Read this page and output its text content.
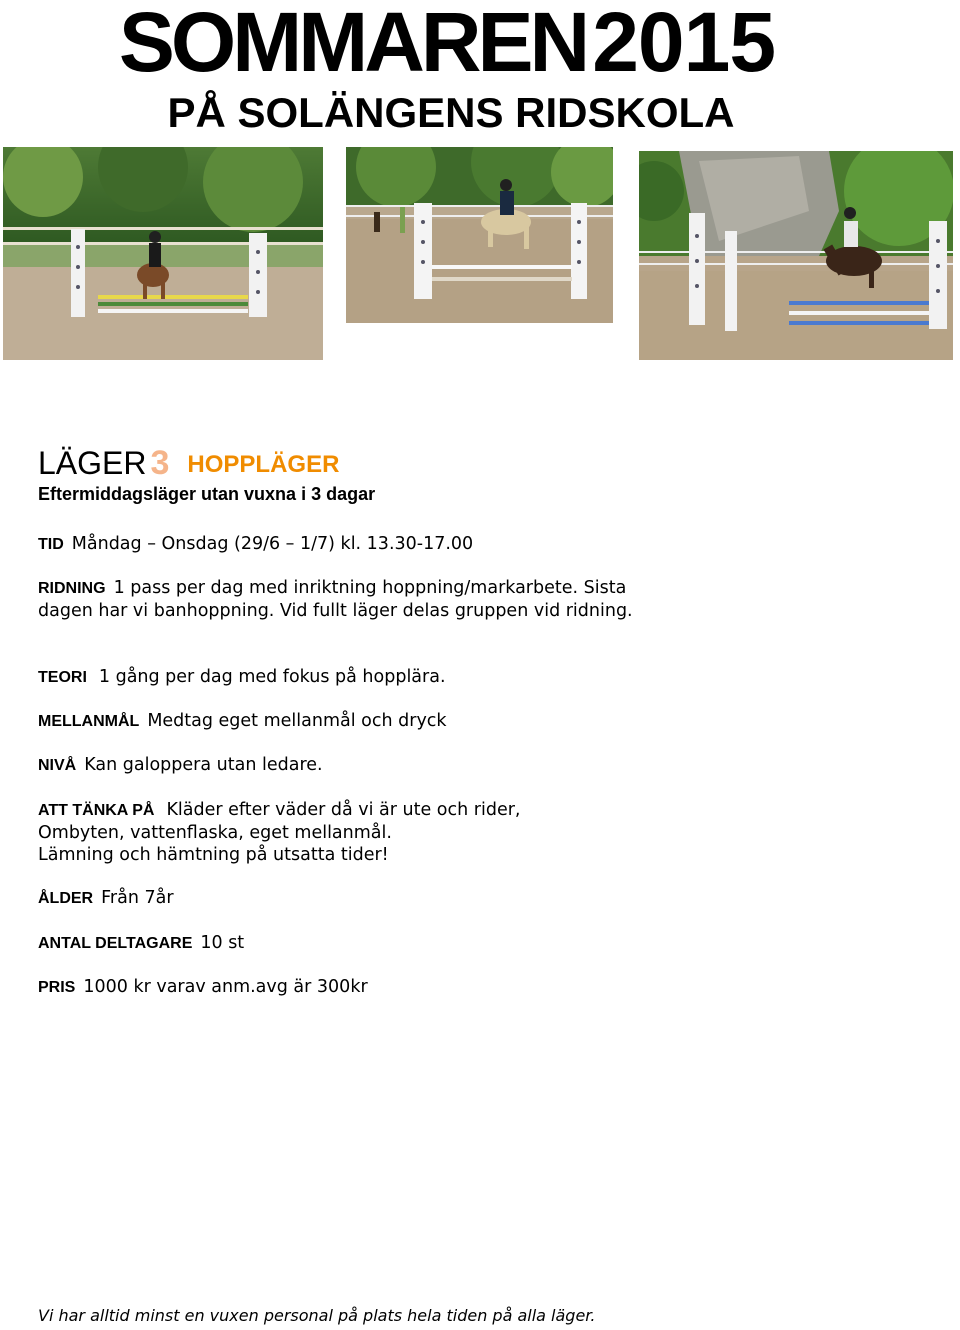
SOMMAREN2015
PÅ SOLÄNGENS RIDSKOLA
LÄGER 3 HOPPLÄGER
Eftermiddagsläger utan vuxna i 3 dagar
TID Måndag – Onsdag (29/6 – 1/7) kl. 13.30-17.00
RIDNING 1 pass per dag med inriktning hoppning/markarbete. Sista dagen har vi banhoppning. Vid fullt läger delas gruppen vid ridning.
TEORI 1 gång per dag med fokus på hopplära.
MELLANMÅL Medtag eget mellanmål och dryck
NIVÅ Kan galoppera utan ledare.
ATT TÄNKA PÅ Kläder efter väder då vi är ute och rider,
Ombyten, vattenflaska, eget mellanmål.
Lämning och hämtning på utsatta tider!
ÅLDER Från 7år
ANTAL DELTAGARE 10 st
PRIS 1000 kr varav anm.avg är 300kr
Vi har alltid minst en vuxen personal på plats hela tiden på alla läger.
